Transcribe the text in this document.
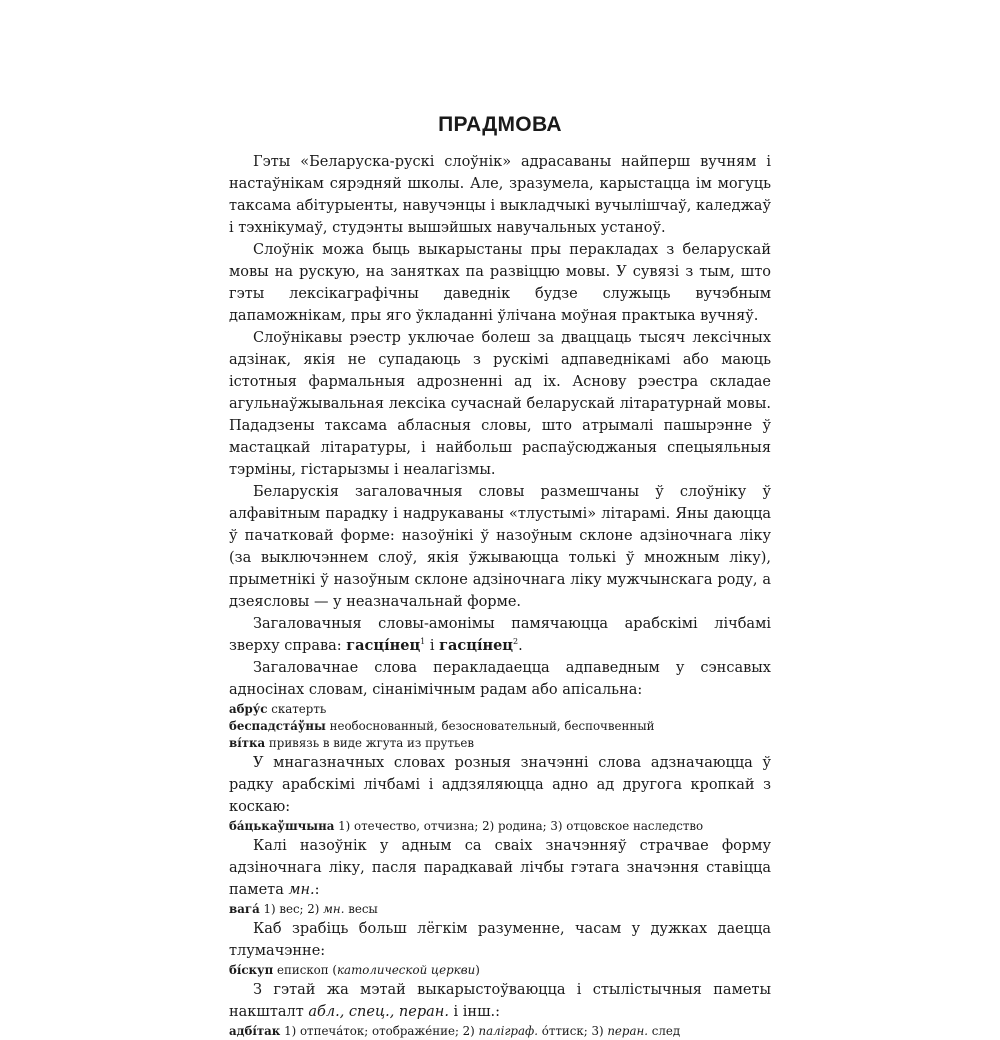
ПРАДМОВА

Гэты «Беларуска-рускі слоўнік» адрасаваны найперш вучням і настаўнікам сярэдняй школы. Але, зразумела, карыстацца ім могуць таксама абітурыенты, навучэнцы і выкладчыкі вучылішчаў, каледжаў і тэхнікумаў, студэнты вышэйшых навучальных устаноў.

Слоўнік можа быць выкарыстаны пры перакладах з беларускай мовы на рускую, на занятках па развіццю мовы. У сувязі з тым, што гэты лексікаграфічны даведнік будзе служыць вучэбным дапаможнікам, пры яго ўкладанні ўлічана моўная практыка вучняў.

Слоўнікавы рэестр уключае болеш за дваццаць тысяч лексічных адзінак, якія не супадаюць з рускімі адпаведнікамі або маюць істотныя фармальныя адрозненні ад іх. Аснову рэестра складае агульнаўжывальная лексіка сучаснай беларускай літаратурнай мовы. Пададзены таксама абласныя словы, што атрымалі пашырэнне ў мастацкай літаратуры, і найбольш распаўсюджаныя спецыяльныя тэрміны, гістарызмы і неалагізмы.

Беларускія загаловачныя словы размешчаны ў слоўніку ў алфавітным парадку і надрукаваны «тлустымі» літарамі. Яны даюцца ў пачатковай форме: назоўнікі ў назоўным склоне адзіночнага ліку (за выключэннем слоў, якія ўжываюцца толькі ў множным ліку), прыметнікі ў назоўным склоне адзіночнага ліку мужчынскага роду, а дзеясловы — у неазначальнай форме.

Загаловачныя словы-амонімы памячаюцца арабскімі лічбамі зверху справа: гасці́нец$^1$ і гасці́нец$^2$.

Загаловачнае слова перакладаецца адпаведным у сэнсавых адносінах словам, сінанімічным радам або апісальна:

абру́с скатерть

беспадста́ўны необоснованный, безосновательный, беспочвенный

ві́тка привязь в виде жгута из прутьев

У мнагазначных словах розныя значэнні слова адзначаюцца ў радку арабскімі лічбамі і аддзяляюцца адно ад другога кропкай з коскаю:

ба́цькаўшчына 1) отечество, отчизна; 2) родина; 3) отцовское наследство

Калі назоўнік у адным са сваіх значэнняў страчвае форму адзіночнага ліку, пасля парадкавай лічбы гэтага значэння ставіцца памета мн.:

вага́ 1) вес; 2) мн. весы

Каб зрабіць больш лёгкім разуменне, часам у дужках даецца тлумачэнне:

бі́скуп епископ (католической церкви)

З гэтай жа мэтай выкарыстоўваюцца і стылістычныя паметы накшталт абл., спец., перан. і інш.:

адбі́так 1) отпеча́ток; отображе́ние; 2) паліграф. о́ттиск; 3) перан. след
